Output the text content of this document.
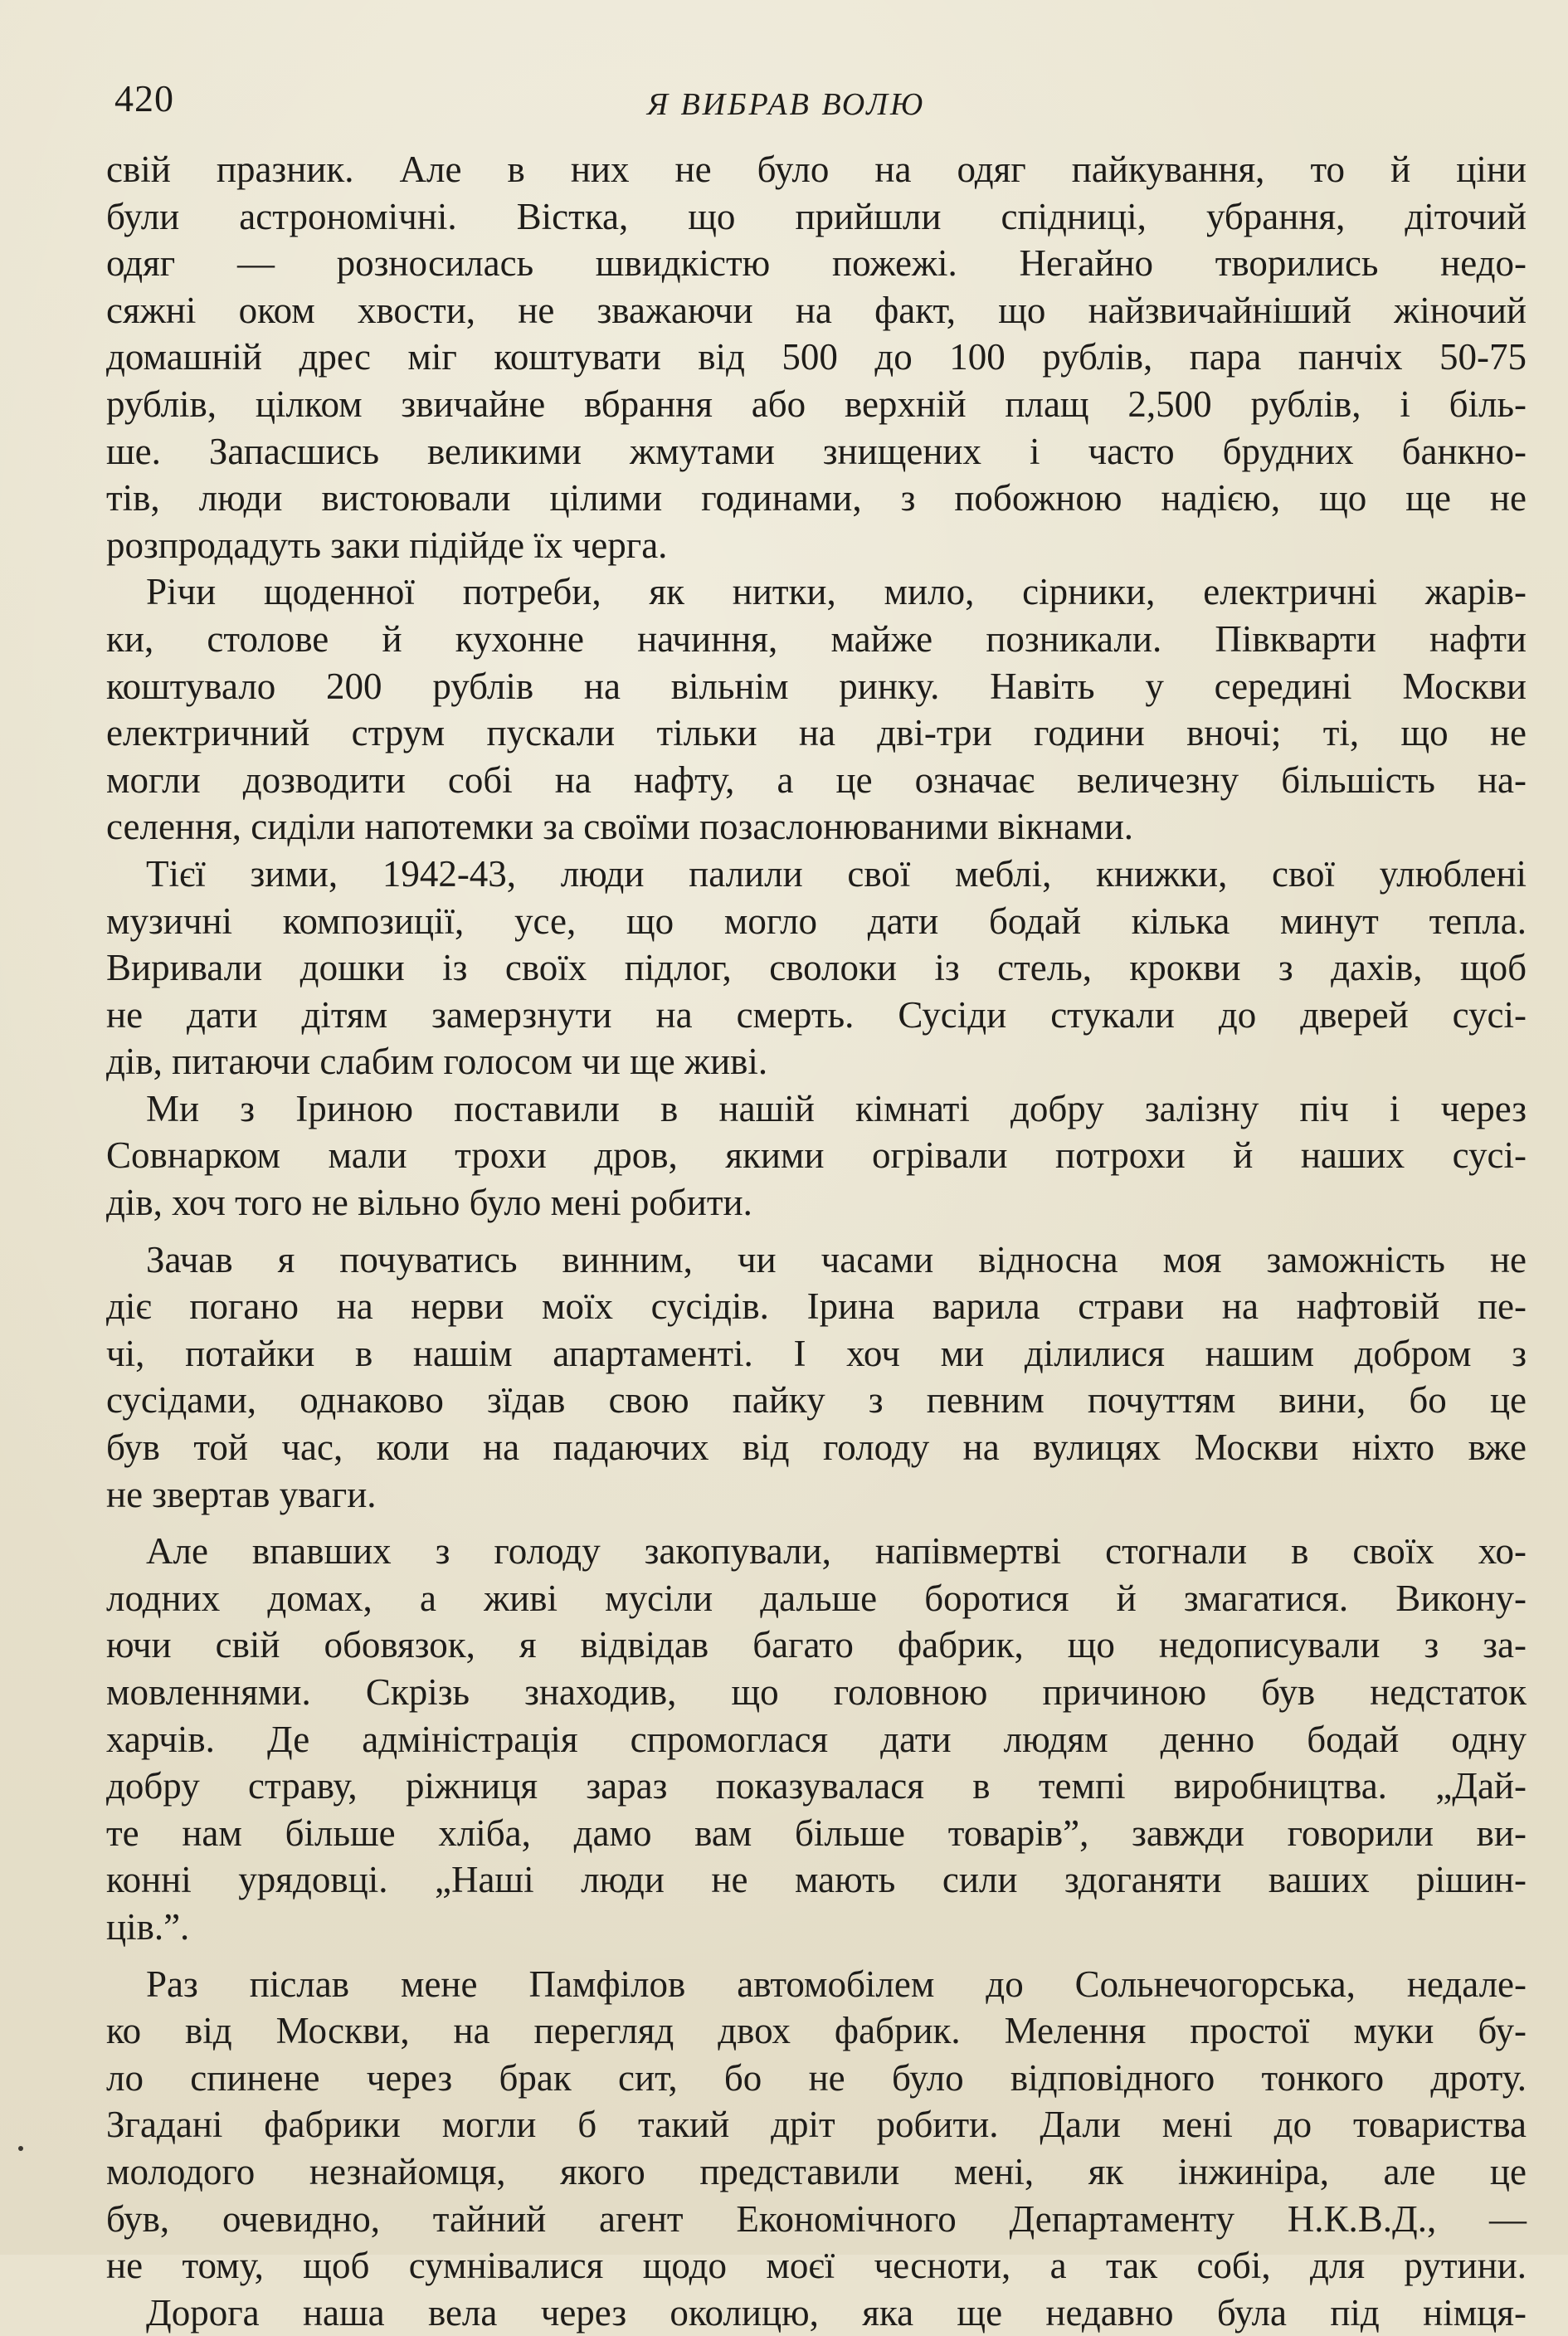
420	Я ВИБРАВ ВОЛЮ
свій празник. Але в них не було на одяг пайкування, то й ціни
були астрономічні. Вістка, що прийшли спідниці, убрання, діточий
одяг — розносилась швидкістю пожежі. Негайно творились недо-
сяжні оком хвости, не зважаючи на факт, що найзвичайніший жіночий
домашній дрес міг коштувати від 500 до 100 рублів, пара панчіх 50-75
рублів, цілком звичайне вбрання або верхній плащ 2,500 рублів, і біль-
ше. Запасшись великими жмутами знищених і часто брудних банкно-
тів, люди вистоювали цілими годинами, з побожною надією, що ще не
розпродадуть заки підійде їх черга.
Річи щоденної потреби, як нитки, мило, сірники, електричні жарів-
ки, столове й кухонне начиння, майже позникали. Півкварти нафти
коштувало 200 рублів на вільнім ринку. Навіть у середині Москви
електричний струм пускали тільки на дві-три години вночі; ті, що не
могли дозводити собі на нафту, а це означає величезну більшість на-
селення, сиділи напотемки за своїми позаслонюваними вікнами.
Тієї зими, 1942-43, люди палили свої меблі, книжки, свої улюблені
музичні композиції, усе, що могло дати бодай кілька минут тепла.
Виривали дошки із своїх підлог, сволоки із стель, крокви з дахів, щоб
не дати дітям замерзнути на смерть. Сусіди стукали до дверей сусі-
дів, питаючи слабим голосом чи ще живі.
Ми з Іриною поставили в нашій кімнаті добру залізну піч і через
Совнарком мали трохи дров, якими огрівали потрохи й наших сусі-
дів, хоч того не вільно було мені робити.
Зачав я почуватись винним, чи часами відносна моя заможність не
діє погано на нерви моїх сусідів. Ірина варила страви на нафтовій пе-
чі, потайки в нашім апартаменті. І хоч ми ділилися нашим добром з
сусідами, однаково зїдав свою пайку з певним почуттям вини, бо це
був той час, коли на падаючих від голоду на вулицях Москви ніхто вже
не звертав уваги.
Але впавших з голоду закопували, напівмертві стогнали в своїх хо-
лодних домах, а живі мусіли дальше боротися й змагатися. Викону-
ючи свій обовязок, я відвідав багато фабрик, що недописували з за-
мовленнями. Скрізь знаходив, що головною причиною був недстаток
харчів. Де адміністрація спромоглася дати людям денно бодай одну
добру страву, ріжниця зараз показувалася в темпі виробництва. „Дай-
те нам більше хліба, дамо вам більше товарів”, завжди говорили ви-
конні урядовці. „Наші люди не мають сили здоганяти ваших рішин-
ців.”.
Раз післав мене Памфілов автомобілем до Сольнечогорська, недале-
ко від Москви, на перегляд двох фабрик. Мелення простої муки бу-
ло спинене через брак сит, бо не було відповідного тонкого дроту.
Згадані фабрики могли б такий дріт робити. Дали мені до товариства
молодого незнайомця, якого представили мені, як інжиніра, але це
був, очевидно, тайний агент Економічного Департаменту Н.К.В.Д., —
не тому, щоб сумнівалися щодо моєї чесноти, а так собі, для рутини.
Дорога наша вела через околицю, яка ще недавно була під німця-
